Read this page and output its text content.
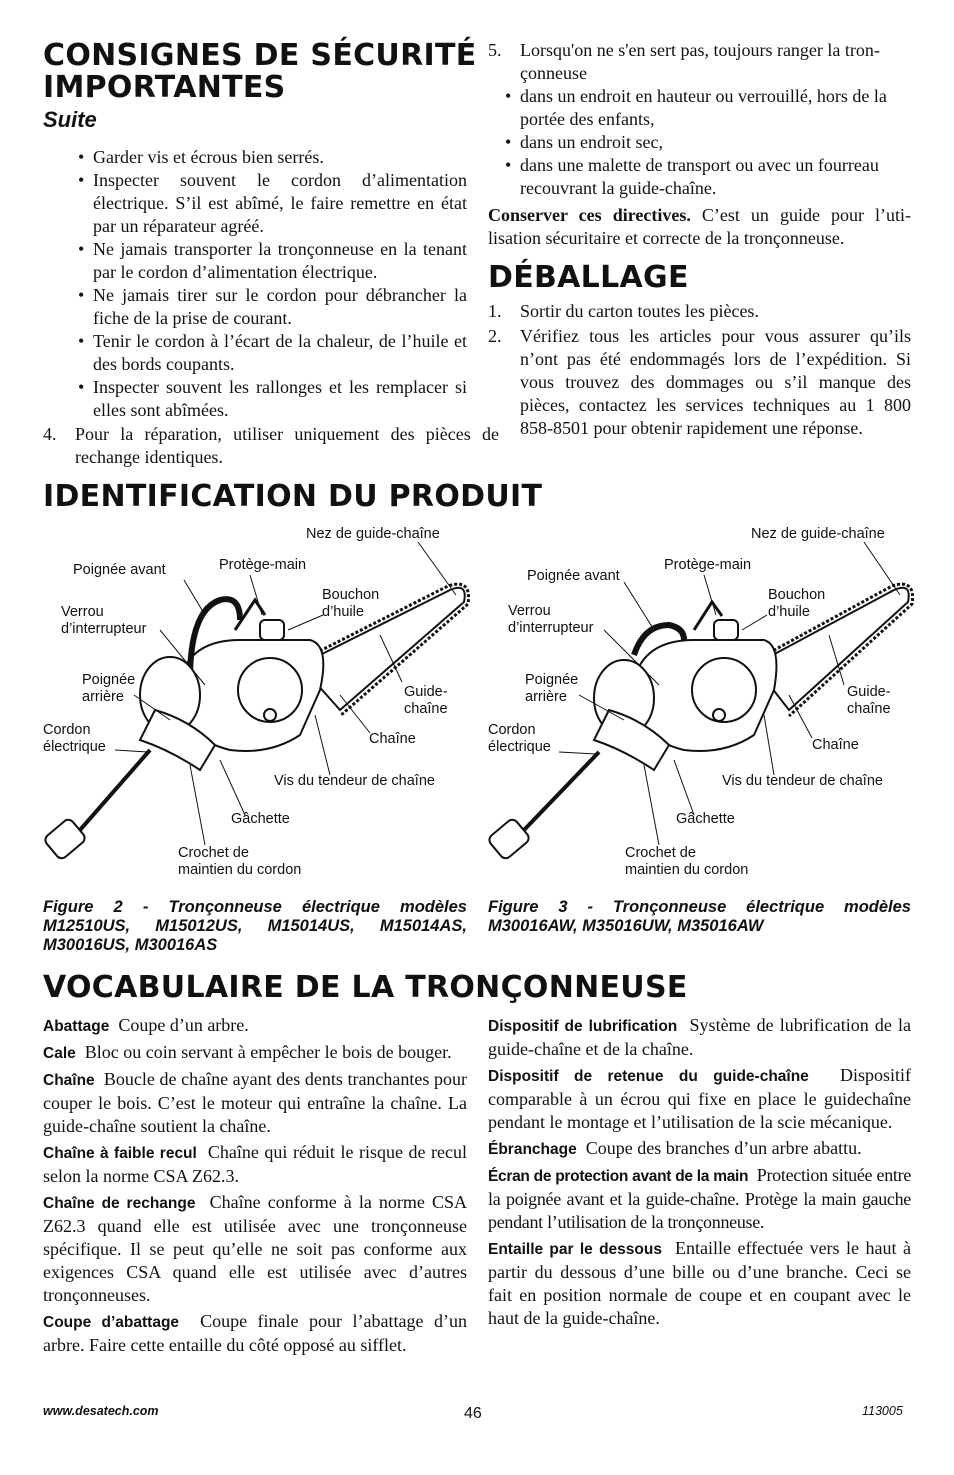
CONSIGNES DE SÉCURITÉ
IMPORTANTES
Suite
• Garder vis et écrous bien serrés.
• Inspecter souvent le cordon d’alimentation électrique. S’il est abîmé, le faire remettre en état par un réparateur agréé.
• Ne jamais transporter la tronçonneuse en la tenant par le cordon d’alimentation électrique.
• Ne jamais tirer sur le cordon pour débrancher la fiche de la prise de courant.
• Tenir le cordon à l’écart de la chaleur, de l’huile et des bords coupants.
• Inspecter souvent les rallonges et les remplacer si elles sont abîmées.
4. Pour la réparation, utiliser uniquement des pièces de rechange identiques.
5. Lorsqu'on ne s'en sert pas, toujours ranger la tronçonneuse
• dans un endroit en hauteur ou verrouillé, hors de la portée des enfants,
• dans un endroit sec,
• dans une malette de transport ou avec un fourreau recouvrant la guide-chaîne.
Conserver ces directives. C’est un guide pour l’utilisation sécuritaire et correcte de la tronçonneuse.
DÉBALLAGE
1. Sortir du carton toutes les pièces.
2. Vérifiez tous les articles pour vous assurer qu’ils n’ont pas été endommagés lors de l’expédition. Si vous trouvez des dommages ou s’il manque des pièces, contactez les services techniques au 1 800 858-8501 pour obtenir rapidement une réponse.
IDENTIFICATION DU PRODUIT
Nez de guide-chaîne
Poignée avant	Protège-main
Bouchon
d’huile
Verrou
d’interrupteur
Poignée
arrière	Guide-
chaîne
Chaîne
Cordon
électrique
Vis du tendeur de chaîne
Gâchette
Crochet de
maintien du cordon
Nez de guide-chaîne
Poignée avant
Protège-main
Bouchon
d’huile
Verrou
d’interrupteur
Poignée
arrière	Guide-
chaîne
Chaîne
Cordon
électrique
Vis du tendeur de chaîne
Gâchette
Crochet de
maintien du cordon
Figure 2 - Tronçonneuse électrique modèles M12510US, M15012US, M15014US, M15014AS, M30016US, M30016AS
Figure 3 - Tronçonneuse électrique modèles M30016AW, M35016UW, M35016AW
VOCABULAIRE DE LA TRONÇONNEUSE

Abattage Coupe d’un arbre.

Cale Bloc ou coin servant à empêcher le bois de bouger.

Chaîne Boucle de chaîne ayant des dents tranchantes pour couper le bois. C’est le moteur qui entraîne la chaîne. La guide-chaîne soutient la chaîne.

Chaîne à faible recul Chaîne qui réduit le risque de recul selon la norme CSA Z62.3.

Chaîne de rechange Chaîne conforme à la norme CSA Z62.3 quand elle est utilisée avec une tronçonneuse spécifique. Il se peut qu’elle ne soit pas conforme aux exigences CSA quand elle est utilisée avec d’autres tronçonneuses.

Coupe d’abattage Coupe finale pour l’abattage d’un arbre. Faire cette entaille du côté opposé au sifflet.

Dispositif de lubrification Système de lubrification de la guide-chaîne et de la chaîne.

Dispositif de retenue du guide-chaîne Dispositif comparable à un écrou qui fixe en place le guidechaîne pendant le montage et l’utilisation de la scie mécanique.

Ébranchage Coupe des branches d’un arbre abattu.

Écran de protection avant de la main Protection située entre la poignée avant et la guide-chaîne. Protège la main gauche pendant l’utilisation de la tronçonneuse.

Entaille par le dessous Entaille effectuée vers le haut à partir du dessous d’une bille ou d’une branche. Ceci se fait en position normale de coupe et en coupant avec le haut de la guide-chaîne.

www.desatech.com	46	113005
